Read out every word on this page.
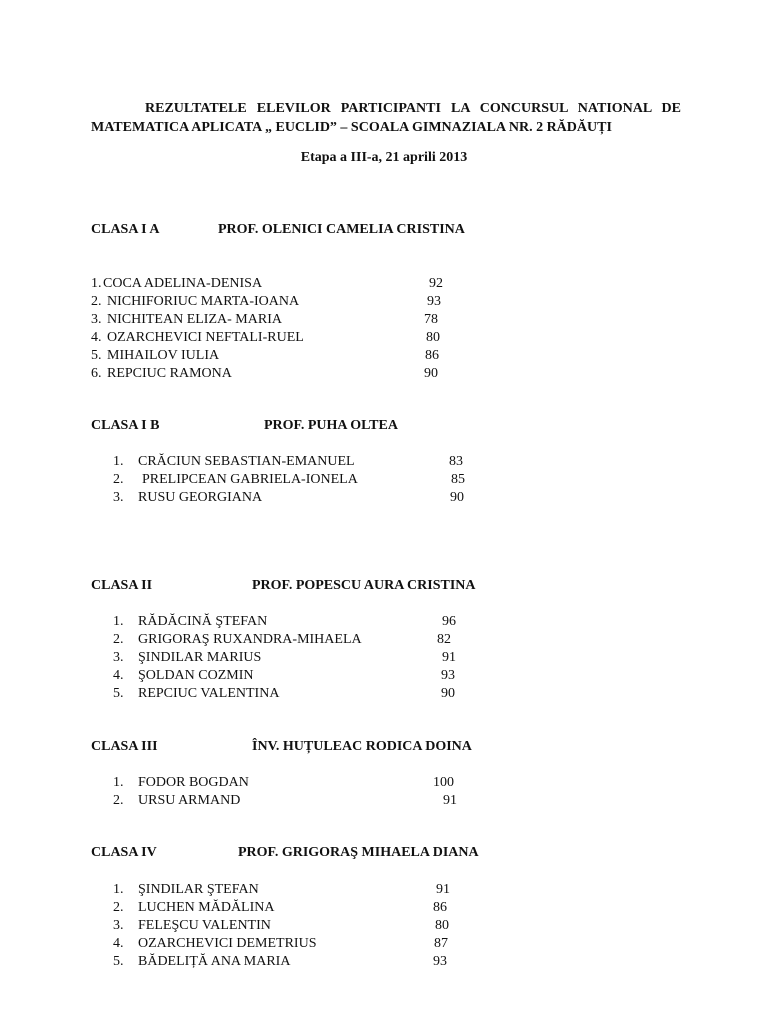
REZULTATELE ELEVILOR PARTICIPANTI LA CONCURSUL NATIONAL DE MATEMATICA APLICATA „ EUCLID” – SCOALA GIMNAZIALA NR. 2 RĂDĂUȚI
Etapa a III-a, 21 aprili 2013
CLASA I A	PROF. OLENICI CAMELIA CRISTINA
1. COCA ADELINA-DENISA	92
2. NICHIFORIUC MARTA-IOANA	93
3. NICHITEAN ELIZA- MARIA	78
4. OZARCHEVICI NEFTALI-RUEL	80
5. MIHAILOV IULIA	86
6. REPCIUC RAMONA	90
CLASA I B	PROF. PUHA OLTEA
1. CRĂCIUN SEBASTIAN-EMANUEL	83
2. PRELIPCEAN GABRIELA-IONELA	85
3. RUSU GEORGIANA	90
CLASA II	PROF. POPESCU AURA CRISTINA
1. RĂDĂCINĂ ŞTEFAN	96
2. GRIGORAŞ RUXANDRA-MIHAELA	82
3. ŞINDILAR MARIUS	91
4. ŞOLDAN COZMIN	93
5. REPCIUC VALENTINA	90
CLASA III	ÎNV. HUȚULEAC RODICA DOINA
1. FODOR BOGDAN	100
2. URSU ARMAND	91
CLASA IV	PROF. GRIGORAŞ MIHAELA DIANA
1. ŞINDILAR ŞTEFAN	91
2. LUCHEN MĂDĂLINA	86
3. FELEŞCU VALENTIN	80
4. OZARCHEVICI DEMETRIUS	87
5. BĂDELIȚĂ ANA MARIA	93
